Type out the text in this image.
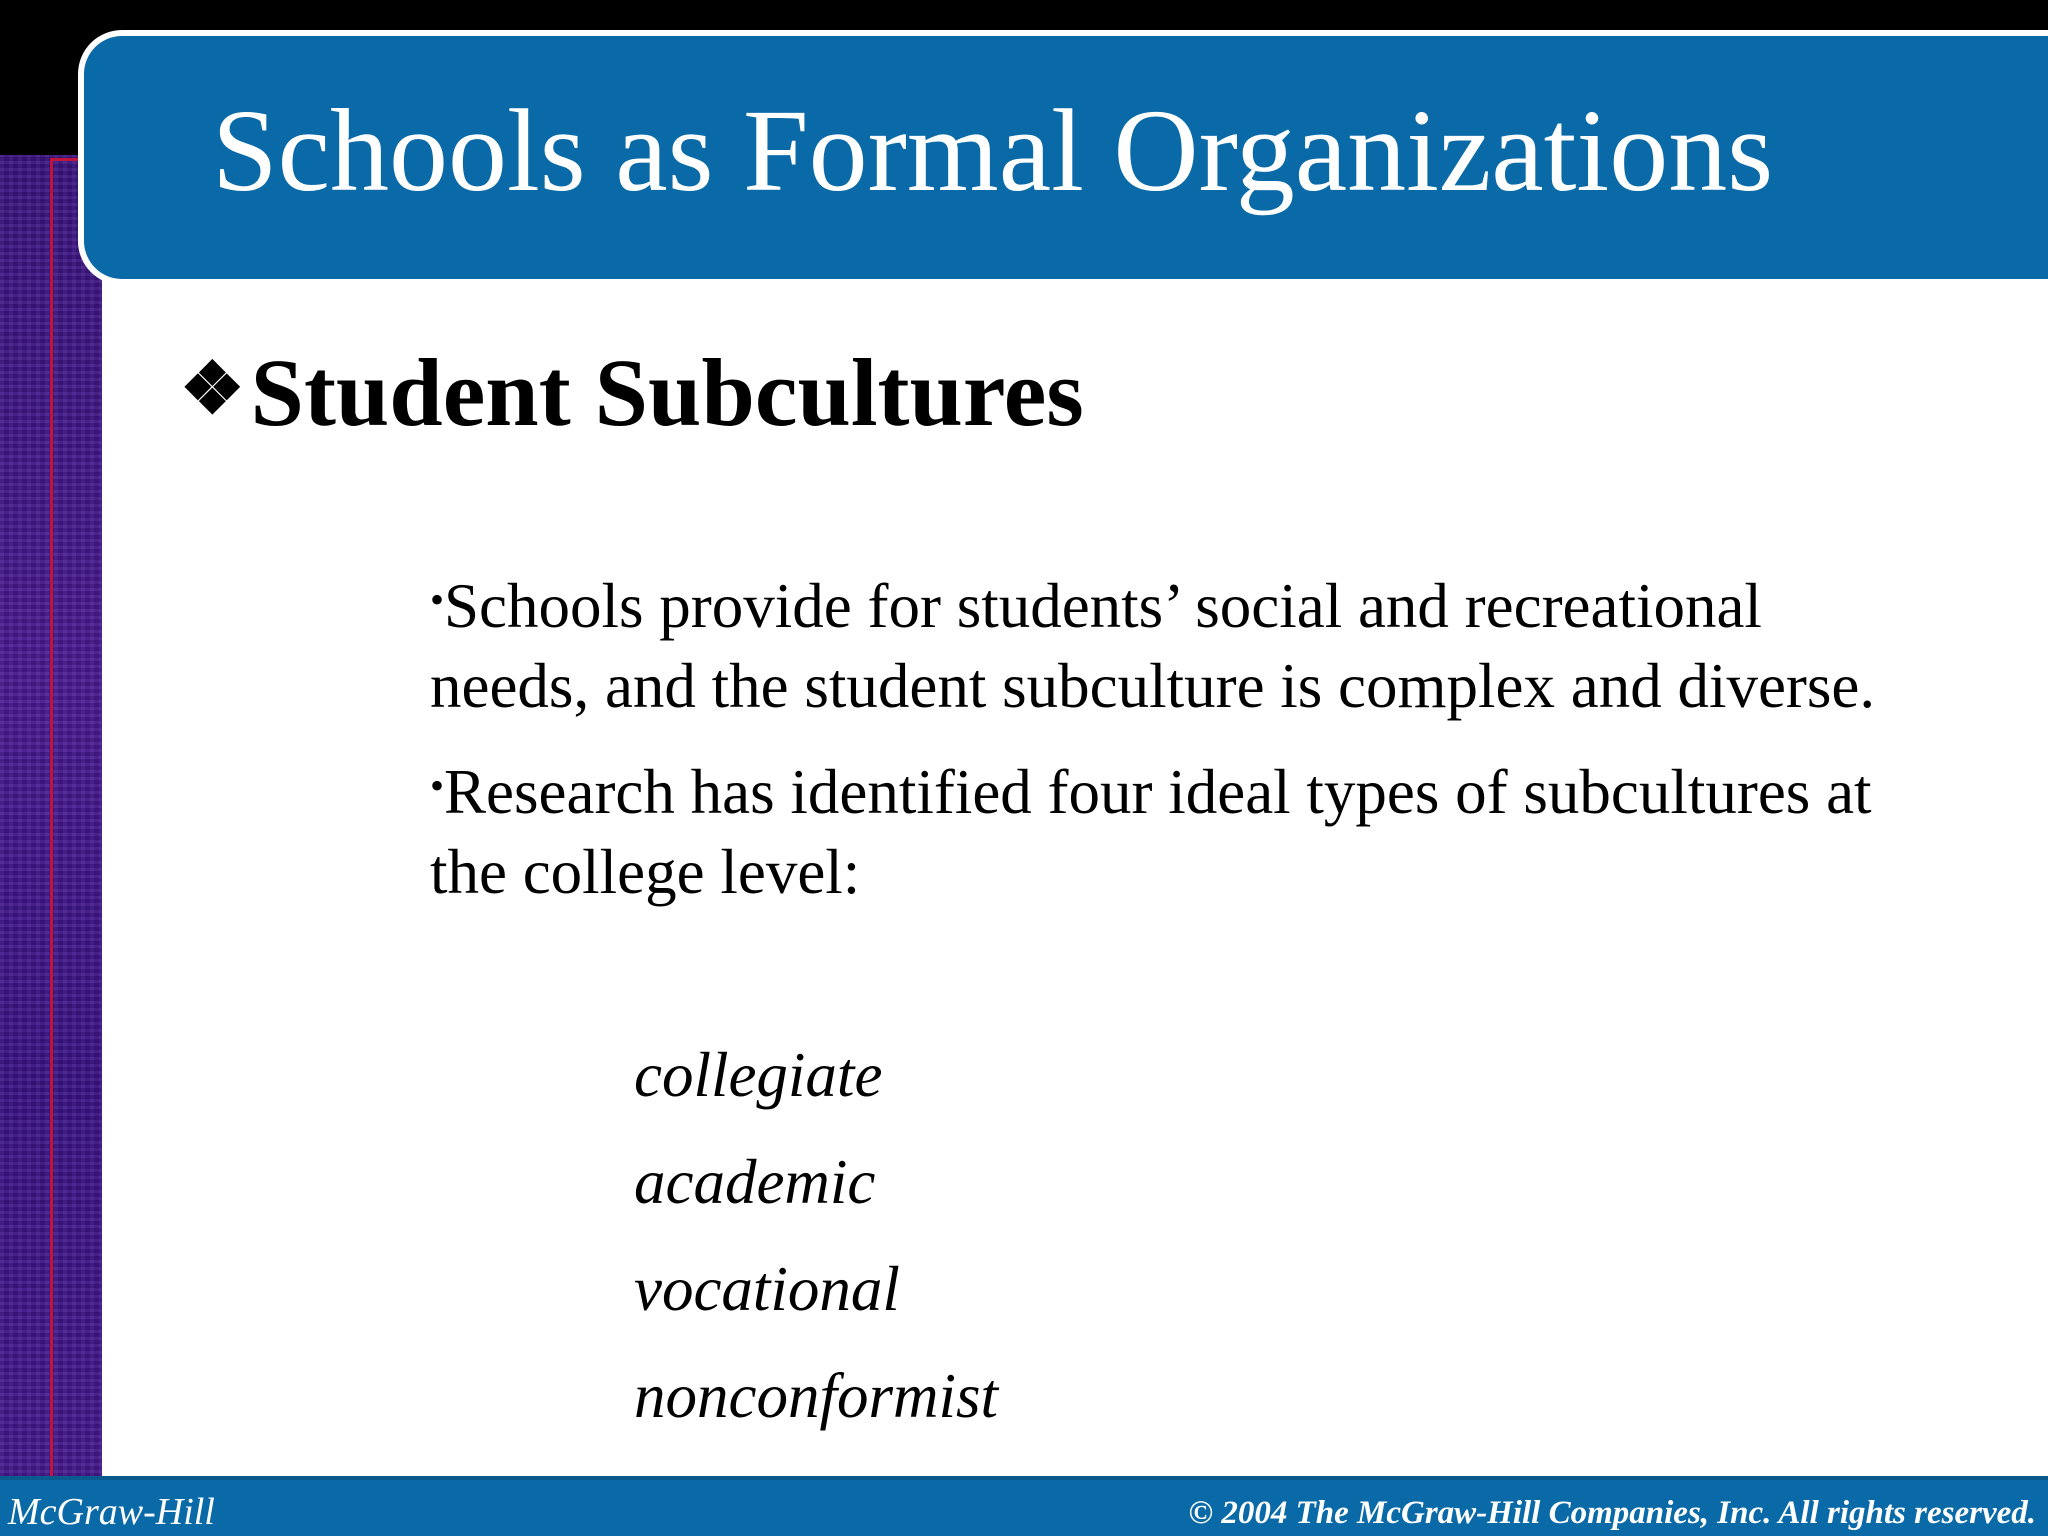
Schools as Formal Organizations
❖Student Subcultures
•Schools provide for students’ social and recreational needs, and the student subculture is complex and diverse.
•Research has identified four ideal types of subcultures at the college level:
collegiate
academic
vocational
nonconformist
McGraw-Hill	© 2004 The McGraw-Hill Companies, Inc. All rights reserved.
